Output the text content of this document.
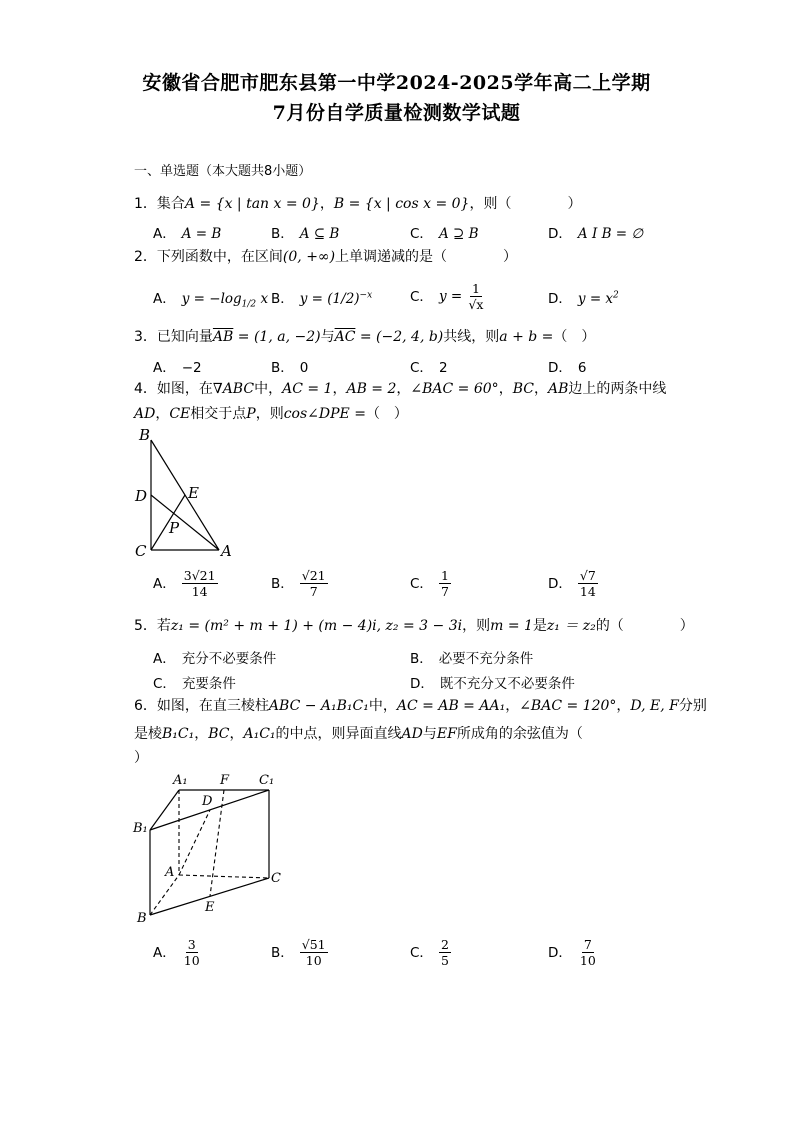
安徽省合肥市肥东县第一中学2024-2025学年高二上学期
7月份自学质量检测数学试题
一、单选题（本大题共8小题）
1．集合A = {x | tan x = 0}，B = {x | cos x = 0}，则（　　　　）
A． A = B	B． A ⊆ B	C． A ⊇ B	D． A I B = ∅
2．下列函数中，在区间(0, +∞)上单调递减的是（　　　　）
A． $y = -\log_{1/2}$ x B． $y = (1/2)^{-x}$	C． $y = \frac{1}{√x}$	D． $y = x^2$
3．已知向量$\overline{AB} = (1$, a, −2)与$\overline{AC} = (-2$, 4, b)共线，则a + b =（　）
A． −2	B． 0	C． 2	D． 6
4．如图，在∇ABC中，AC = 1，AB = 2，∠BAC = 60°，BC，AB边上的两条中线
AD，CE相交于点P，则cos∠DPE =（　）
B
D	E
P
C	A
A． $\frac{3√21}{14}$	B． $\frac{√21}{7}$	C． $\frac{1}{7}$	D． $\frac{√7}{14}$
5．若z₁ = (m² + m + 1) + (m − 4)i, z₂ = 3 − 3i，则m = 1是z₁ ＝ z₂的（　　　　）
A． 充分不必要条件	B． 必要不充分条件
C． 充要条件	D． 既不充分又不必要条件
6．如图，在直三棱柱ABC − A₁B₁C₁中，AC = AB = AA₁，∠BAC = 120°，D, E, F分别
是棱B₁C₁，BC，A₁C₁的中点，则异面直线AD与EF所成角的余弦值为（
）
A₁ F C₁
D
B₁
A	C
B
E
A． $\frac{3}{10}$	B． $\frac{√51}{10}$	C． $\frac{2}{5}$	D． $\frac{7}{10}$
